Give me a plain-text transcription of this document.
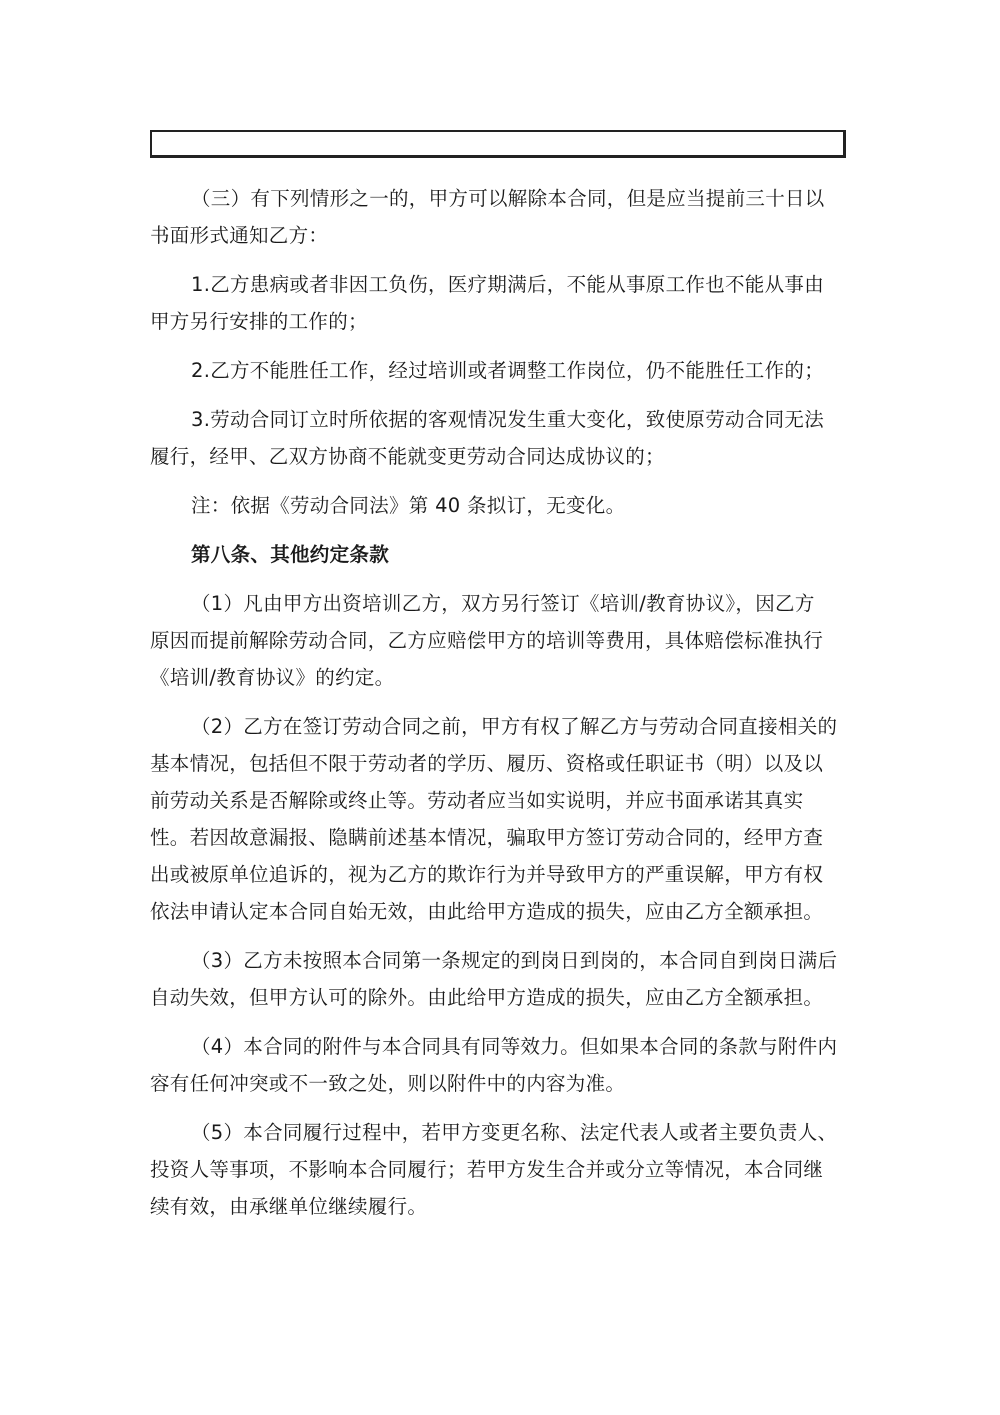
（三）有下列情形之一的，甲方可以解除本合同，但是应当提前三十日以
书面形式通知乙方：

1.乙方患病或者非因工负伤，医疗期满后，不能从事原工作也不能从事由
甲方另行安排的工作的；

2.乙方不能胜任工作，经过培训或者调整工作岗位，仍不能胜任工作的；

3.劳动合同订立时所依据的客观情况发生重大变化，致使原劳动合同无法
履行，经甲、乙双方协商不能就变更劳动合同达成协议的；

注：依据《劳动合同法》第 40 条拟订，无变化。

第八条、其他约定条款

（1）凡由甲方出资培训乙方，双方另行签订《培训/教育协议》，因乙方
原因而提前解除劳动合同，乙方应赔偿甲方的培训等费用，具体赔偿标准执行
《培训/教育协议》的约定。

（2）乙方在签订劳动合同之前，甲方有权了解乙方与劳动合同直接相关的
基本情况，包括但不限于劳动者的学历、履历、资格或任职证书（明）以及以
前劳动关系是否解除或终止等。劳动者应当如实说明，并应书面承诺其真实
性。若因故意漏报、隐瞒前述基本情况，骗取甲方签订劳动合同的，经甲方查
出或被原单位追诉的，视为乙方的欺诈行为并导致甲方的严重误解，甲方有权
依法申请认定本合同自始无效，由此给甲方造成的损失，应由乙方全额承担。

（3）乙方未按照本合同第一条规定的到岗日到岗的，本合同自到岗日满后
自动失效，但甲方认可的除外。由此给甲方造成的损失，应由乙方全额承担。

（4）本合同的附件与本合同具有同等效力。但如果本合同的条款与附件内
容有任何冲突或不一致之处，则以附件中的内容为准。

（5）本合同履行过程中，若甲方变更名称、法定代表人或者主要负责人、
投资人等事项，不影响本合同履行；若甲方发生合并或分立等情况，本合同继
续有效，由承继单位继续履行。
